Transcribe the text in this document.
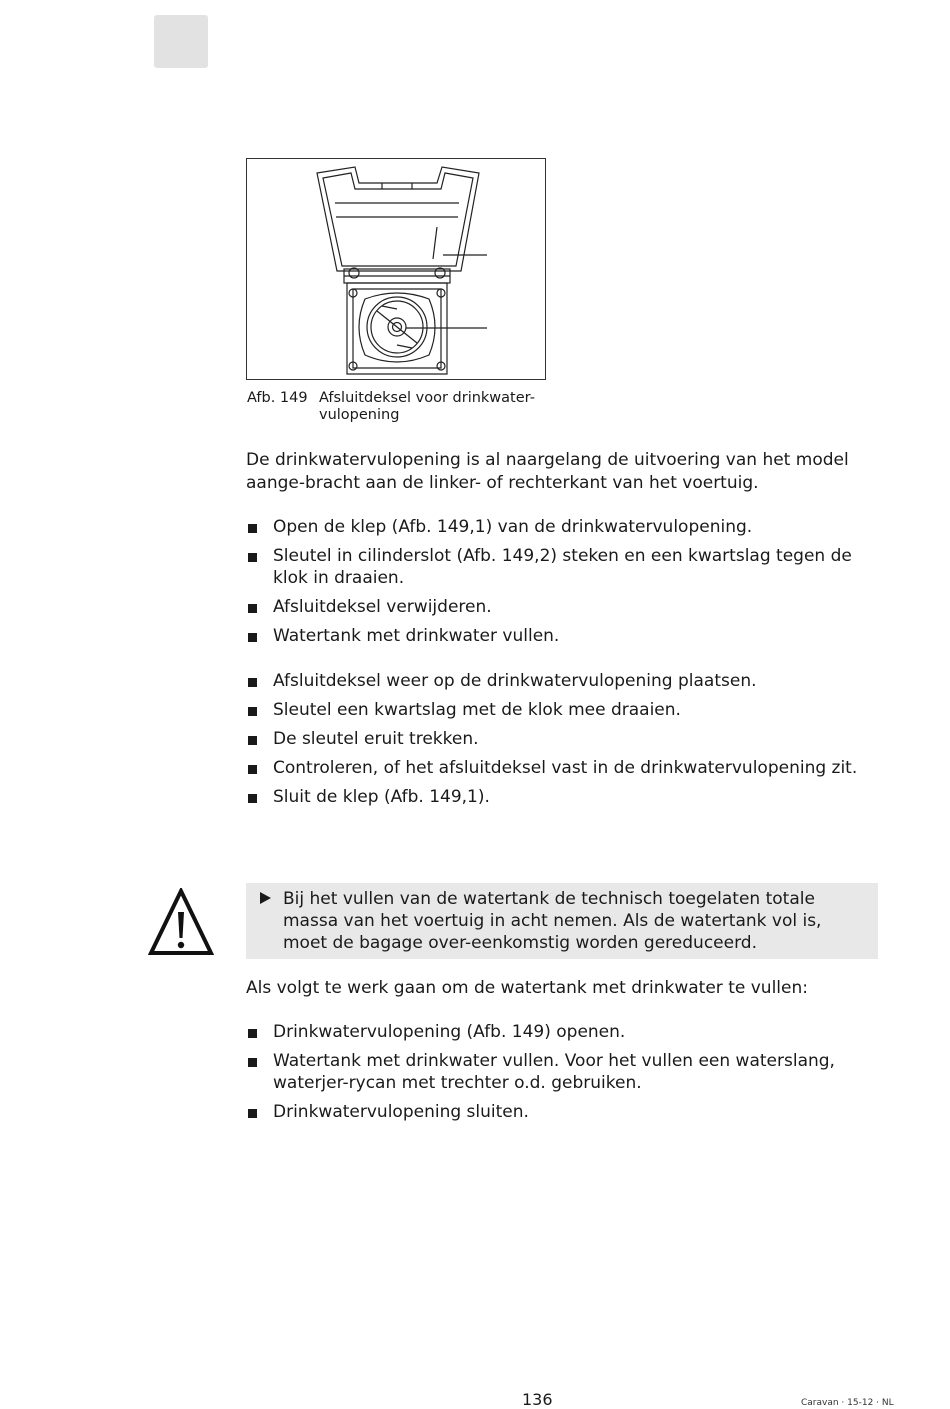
Afb. 149 Afsluitdeksel voor drinkwater-vulopening
De drinkwatervulopening is al naargelang de uitvoering van het model aange-bracht aan de linker- of rechterkant van het voertuig.
Open de klep (Afb. 149,1) van de drinkwatervulopening.
Sleutel in cilinderslot (Afb. 149,2) steken en een kwartslag tegen de klok in draaien.
Afsluitdeksel verwijderen.
Watertank met drinkwater vullen.
Afsluitdeksel weer op de drinkwatervulopening plaatsen.
Sleutel een kwartslag met de klok mee draaien.
De sleutel eruit trekken.
Controleren, of het afsluitdeksel vast in de drinkwatervulopening zit.
Sluit de klep (Afb. 149,1).
Bij het vullen van de watertank de technisch toegelaten totale massa van het voertuig in acht nemen. Als de watertank vol is, moet de bagage over-eenkomstig worden gereduceerd.
Als volgt te werk gaan om de watertank met drinkwater te vullen:
Drinkwatervulopening (Afb. 149) openen.
Watertank met drinkwater vullen. Voor het vullen een waterslang, waterjer-rycan met trechter o.d. gebruiken.
Drinkwatervulopening sluiten.
136	Caravan · 15-12 · NL
